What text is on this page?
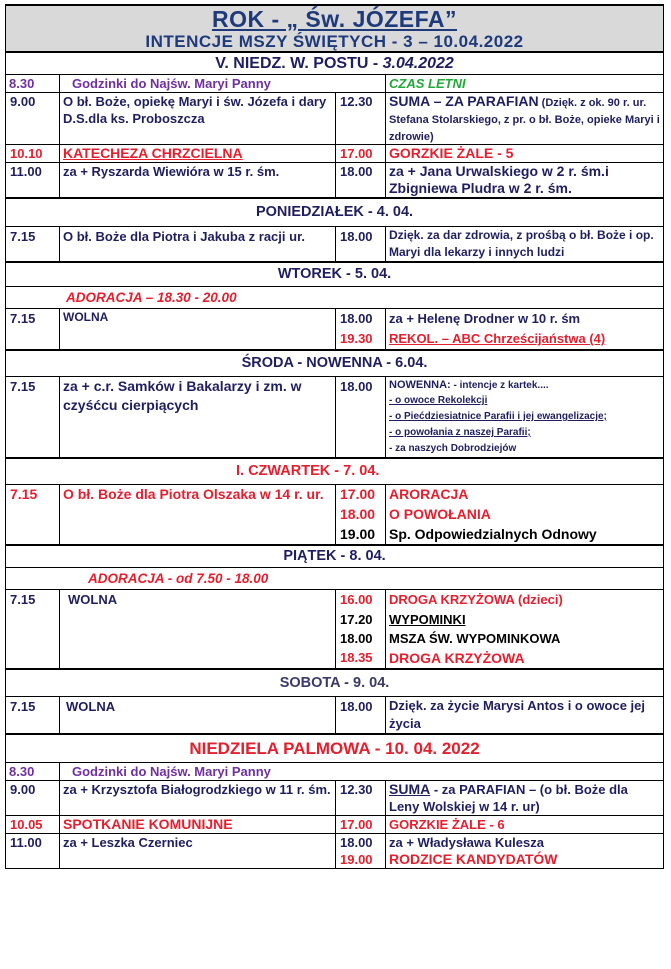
ROK - „ Św. JÓZEFA”
INTENCJE MSZY ŚWIĘTYCH - 3 – 10.04.2022			

V. NIEDZ. W. POSTU - 3.04.2022			
8.30	Godzinki do Najśw. Maryi Panny		CZAS LETNI
9.00	O bł. Boże, opiekę Maryi i św. Józefa i dary D.S.dla ks. Proboszcza	12.30	SUMA – ZA PARAFIAN (Dzięk. z ok. 90 r. ur. Stefana Stolarskiego, z pr. o bł. Boże, opieke Maryi i zdrowie)
10.10	KATECHEZA CHRZCIELNA	17.00	GORZKIE ŻALE - 5
11.00	za + Ryszarda Wiewióra w 15 r. śm.	18.00	za + Jana Urwalskiego w 2 r. śm.i Zbigniewa Pludra w 2 r. śm.
PONIEDZIAŁEK - 4. 04.			
7.15	O bł. Boże dla Piotra i Jakuba z racji ur.	18.00	Dzięk. za dar zdrowia, z prośbą o bł. Boże i op. Maryi dla lekarzy i innych ludzi
WTOREK - 5. 04.			
ADORACJA – 18.30 - 20.00			
7.15	WOLNA	18.00	za + Helenę Drodner w 10 r. śm
		19.30	REKOL. – ABC Chrześcijaństwa (4)
ŚRODA - NOWENNA - 6.04.			
7.15	za + c.r. Samków i Bakalarzy i zm. w czyśćcu cierpiących	18.00	NOWENNA: - intencje z kartek....
- o owoce Rekolekcji
- o Piećdziesiatnice Parafii i jej ewangelizacje;
- o powołania z naszej Parafii;
- za naszych Dobrodziejów

I. CZWARTEK - 7. 04.			
7.15	O bł. Boże dla Piotra Olszaka w 14 r. ur.	17.00	ARORACJA
		18.00	O POWOŁANIA
		19.00	Sp. Odpowiedzialnych Odnowy
PIĄTEK - 8. 04.			
ADORACJA - od 7.50 - 18.00			
7.15	WOLNA	16.00	DROGA KRZYŻOWA (dzieci)
		17.20	WYPOMINKI
		18.00	MSZA ŚW. WYPOMINKOWA
		18.35	DROGA KRZYŻOWA
SOBOTA - 9. 04.			
7.15	WOLNA	18.00	Dzięk. za życie Marysi Antos i o owoce jej życia
NIEDZIELA PALMOWA - 10. 04. 2022			
8.30	Godzinki do Najśw. Maryi Panny		
9.00	za + Krzysztofa Białogrodzkiego w 11 r. śm.	12.30	SUMA - za PARAFIAN – (o bł. Boże dla Leny Wolskiej w 14 r. ur)
10.05	SPOTKANIE KOMUNIJNE	17.00	GORZKIE ŻALE - 6
11.00	za + Leszka Czerniec	18.00	za + Władysława Kulesza
		19.00	RODZICE KANDYDATÓW
